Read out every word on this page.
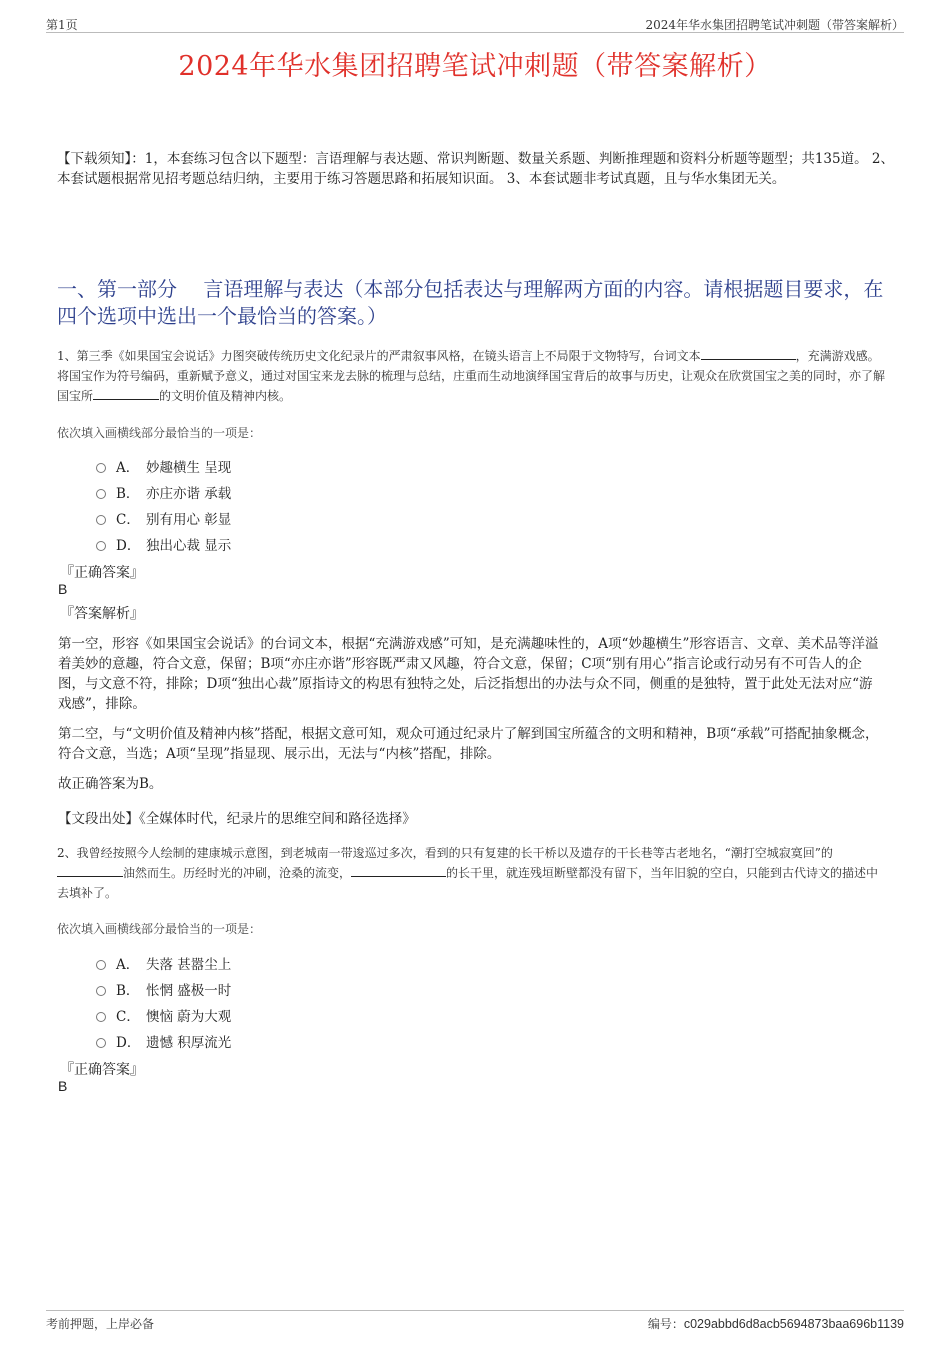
第1页	2024年华水集团招聘笔试冲刺题（带答案解析）
2024年华水集团招聘笔试冲刺题（带答案解析）
【下载须知】：1，本套练习包含以下题型：言语理解与表达题、常识判断题、数量关系题、判断推理题和资料分析题等题型；共135道。 2、本套试题根据常见招考题总结归纳，主要用于练习答题思路和拓展知识面。 3、本套试题非考试真题，且与华水集团无关。
一、第一部分　 言语理解与表达（本部分包括表达与理解两方面的内容。请根据题目要求，在四个选项中选出一个最恰当的答案。）
1、第三季《如果国宝会说话》力图突破传统历史文化纪录片的严肃叙事风格，在镜头语言上不局限于文物特写，台词文本	，充满游戏感。将国宝作为符号编码，重新赋予意义，通过对国宝来龙去脉的梳理与总结，庄重而生动地演绎国宝背后的故事与历史，让观众在欣赏国宝之美的同时，亦了解国宝所	的文明价值及精神内核。
依次填入画横线部分最恰当的一项是：
A． 妙趣横生 呈现
B． 亦庄亦谐 承载
C． 别有用心 彰显
D． 独出心裁 显示
『正确答案』
B
『答案解析』
第一空，形容《如果国宝会说话》的台词文本，根据“充满游戏感”可知，是充满趣味性的，A项“妙趣横生”形容语言、文章、美术品等洋溢着美妙的意趣，符合文意，保留；B项“亦庄亦谐”形容既严肃又风趣，符合文意，保留；C项“别有用心”指言论或行动另有不可告人的企图，与文意不符，排除；D项“独出心裁”原指诗文的构思有独特之处，后泛指想出的办法与众不同，侧重的是独特，置于此处无法对应“游戏感”，排除。
第二空，与“文明价值及精神内核”搭配，根据文意可知，观众可通过纪录片了解到国宝所蕴含的文明和精神，B项“承载”可搭配抽象概念，符合文意，当选；A项“呈现”指显现、展示出，无法与“内核”搭配，排除。
故正确答案为B。
【文段出处】《全媒体时代，纪录片的思维空间和路径选择》
2、我曾经按照今人绘制的建康城示意图，到老城南一带逡巡过多次，看到的只有复建的长干桥以及遗存的干长巷等古老地名，“潮打空城寂寞回”的油然而生。历经时光的冲刷，沧桑的流变，	的长干里，就连残垣断壁都没有留下，当年旧貌的空白，只能到古代诗文的描述中去填补了。
依次填入画横线部分最恰当的一项是：
A． 失落 甚嚣尘上
B． 怅惘 盛极一时
C． 懊恼 蔚为大观
D． 遗憾 积厚流光
『正确答案』
B
考前押题，上岸必备	编号：c029abbd6d8acb5694873baa696b1139
